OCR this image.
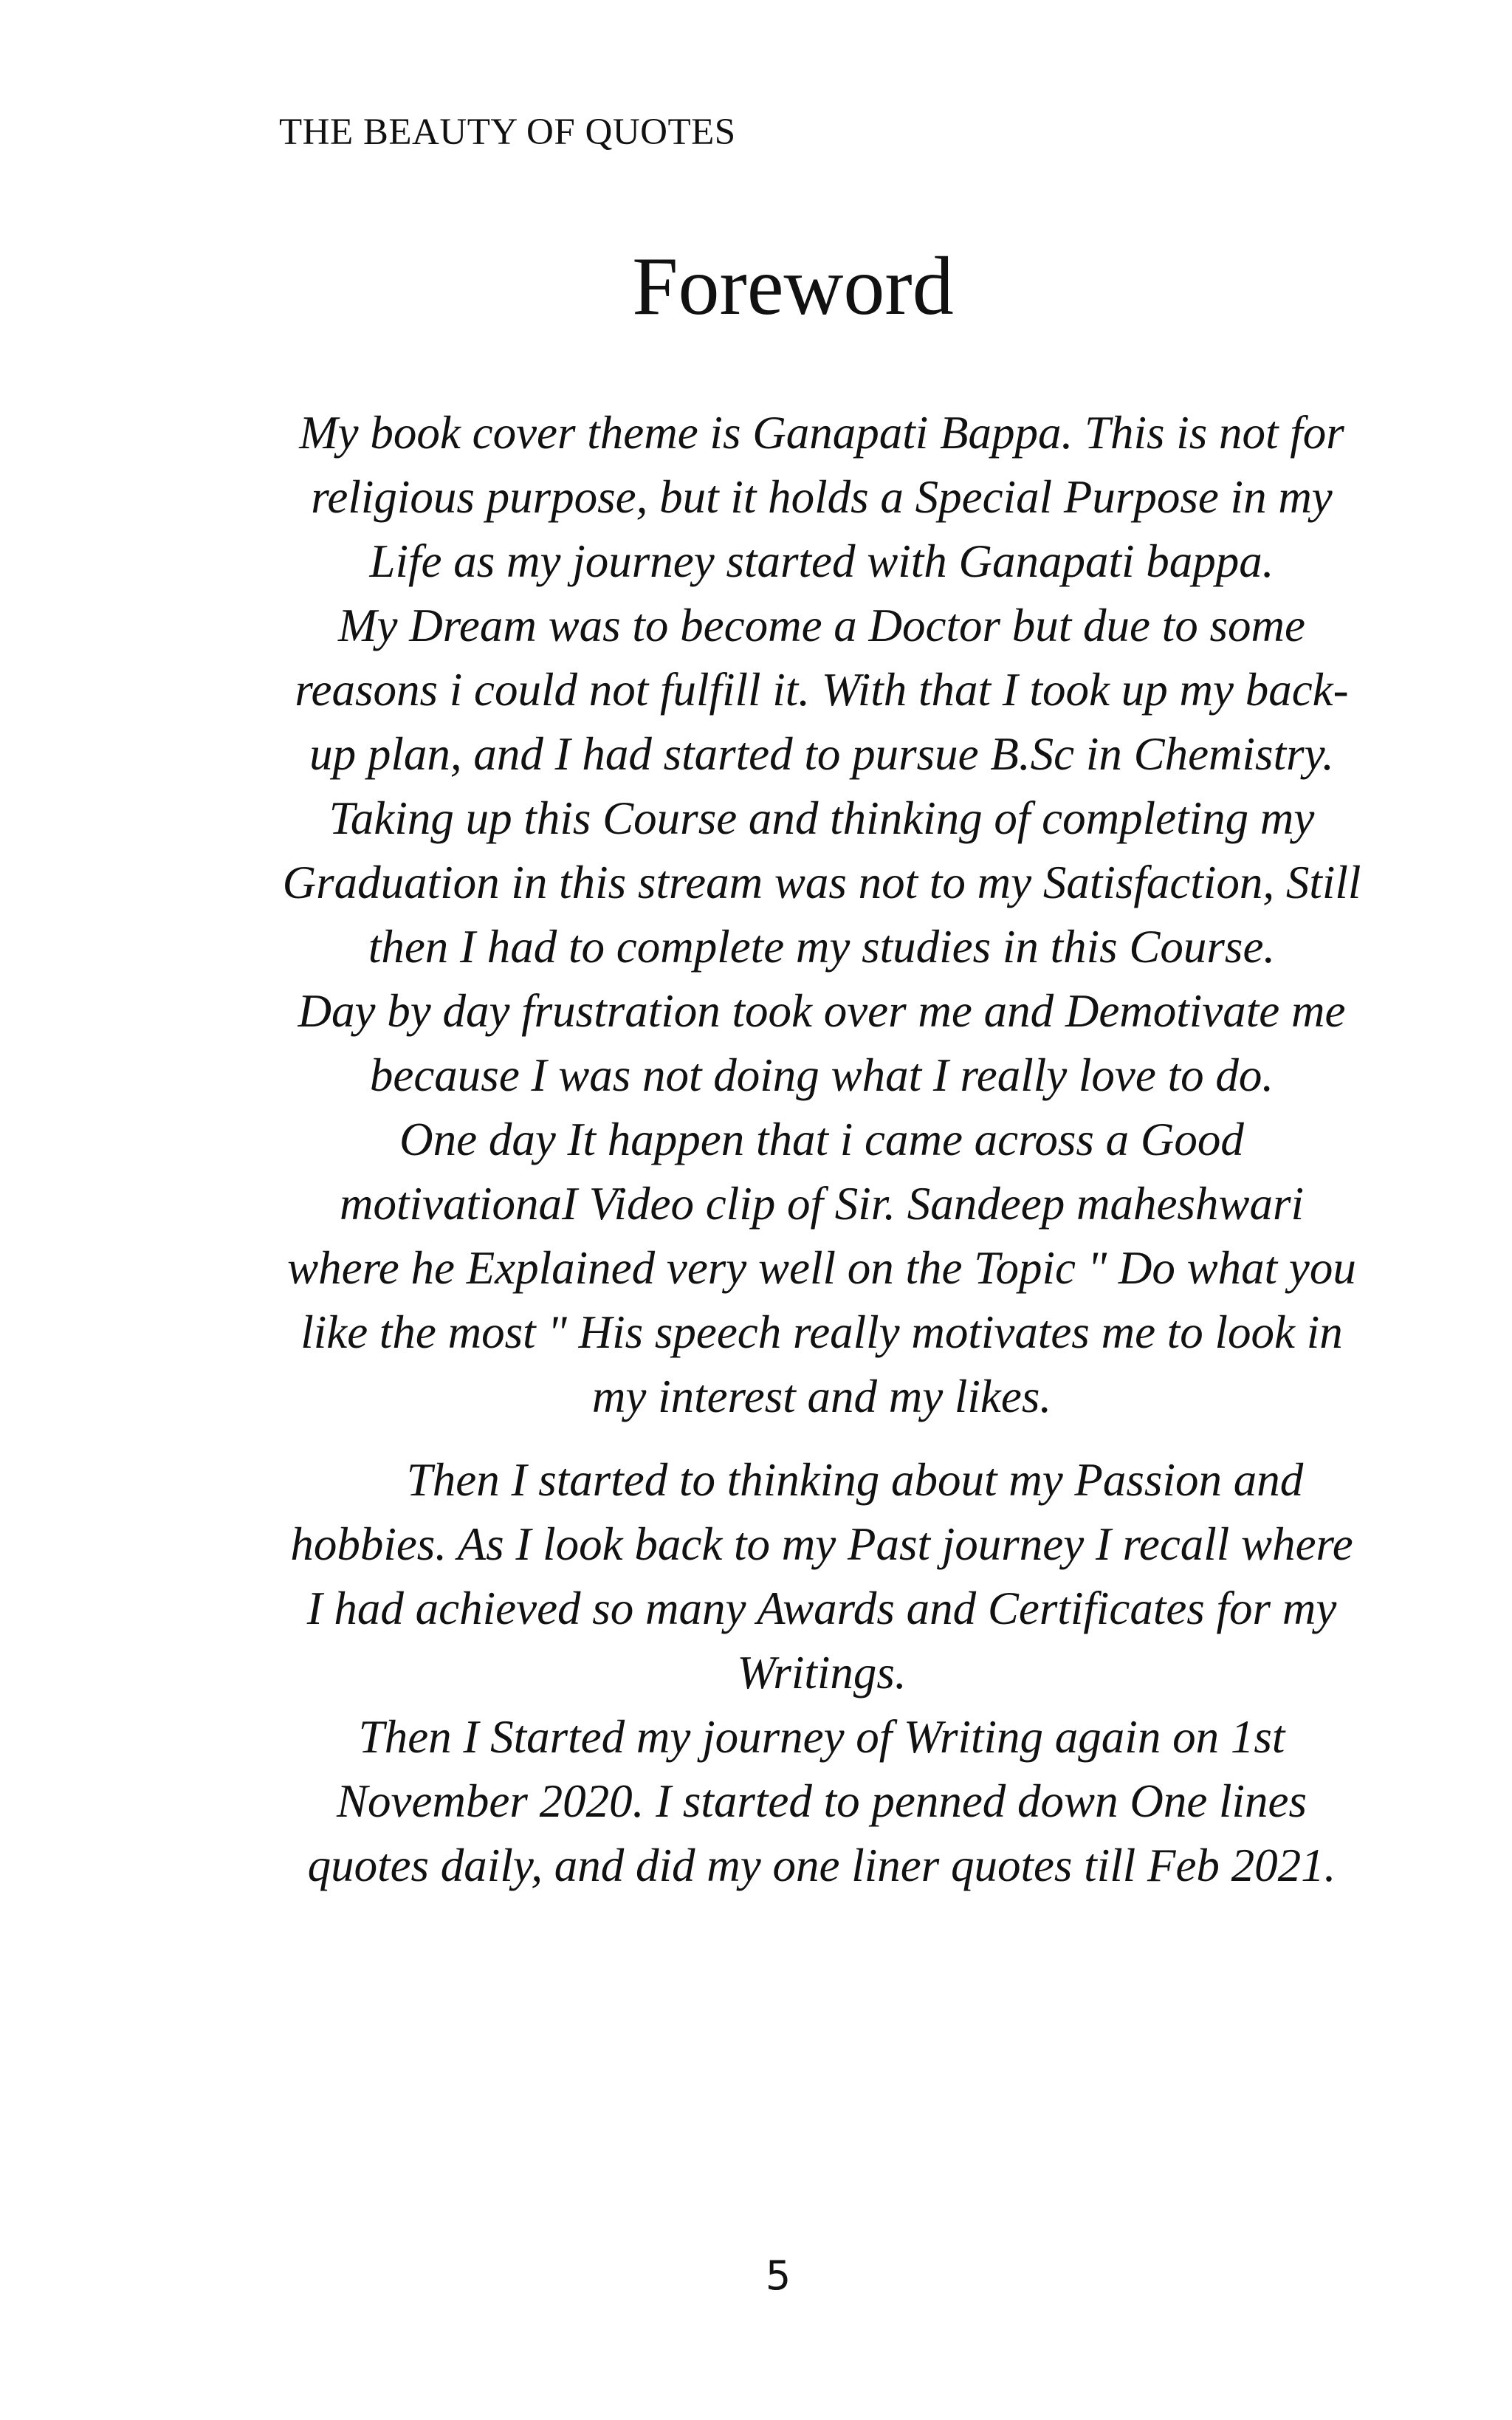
THE BEAUTY OF QUOTES
Foreword

My book cover theme is Ganapati Bappa. This is not for religious purpose, but it holds a Special Purpose in my Life as my journey started with Ganapati bappa.

My Dream was to become a Doctor but due to some reasons i could not fulfill it. With that I took up my back-up plan, and I had started to pursue B.Sc in Chemistry.

Taking up this Course and thinking of completing my Graduation in this stream was not to my Satisfaction, Still then I had to complete my studies in this Course.

Day by day frustration took over me and Demotivate me because I was not doing what I really love to do.

One day It happen that i came across a Good motivationaI Video clip of Sir. Sandeep maheshwari where he Explained very well on the Topic " Do what you like the most " His speech really motivates me to look in my interest and my likes.

Then I started to thinking about my Passion and hobbies. As I look back to my Past journey I recall where I had achieved so many Awards and Certificates for my Writings.

Then I Started my journey of Writing again on 1st November 2020. I started to penned down One lines quotes daily, and did my one liner quotes till Feb 2021.

5
